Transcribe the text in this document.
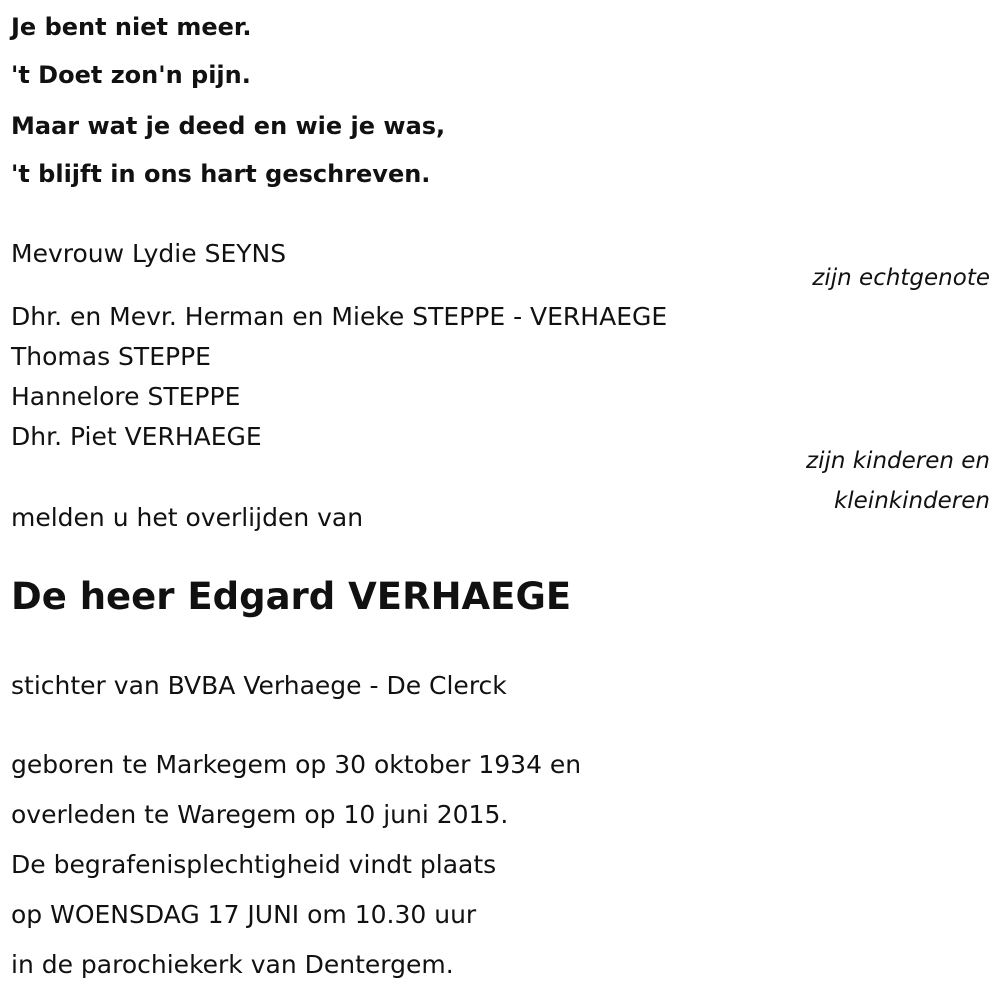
Je bent niet meer.
't Doet zon'n pijn.
Maar wat je deed en wie je was,
't blijft in ons hart geschreven.
Mevrouw Lydie SEYNS
zijn echtgenote
Dhr. en Mevr. Herman en Mieke STEPPE - VERHAEGE
Thomas STEPPE
Hannelore STEPPE
Dhr. Piet VERHAEGE
zijn kinderen en
kleinkinderen
melden u het overlijden van
De heer Edgard VERHAEGE
stichter van BVBA Verhaege - De Clerck
geboren te Markegem op 30 oktober 1934 en
overleden te Waregem op 10 juni 2015.
De begrafenisplechtigheid vindt plaats
op WOENSDAG 17 JUNI om 10.30 uur
in de parochiekerk van Dentergem.
